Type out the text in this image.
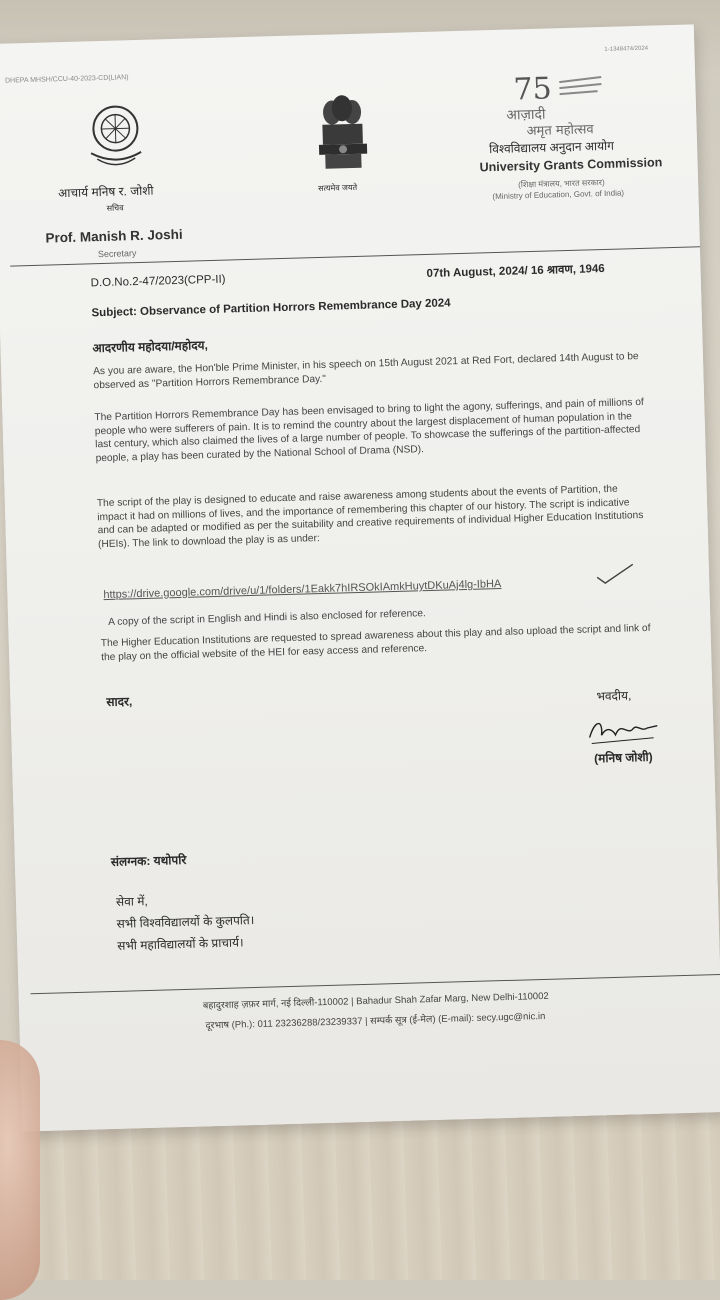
DHEPA MHSH/CCU-40-2023-CD(LIAN)
1-1348474/2024
75
आज़ादी
अमृत महोत्सव
आचार्य मनिष र. जोशी
सचिव
Prof. Manish R. Joshi
Secretary
सत्यमेव जयते
विश्वविद्यालय अनुदान आयोग
University Grants Commission
(शिक्षा मंत्रालय, भारत सरकार)
(Ministry of Education, Govt. of India)
D.O.No.2-47/2023(CPP-II)
07th August, 2024/ 16 श्रावण, 1946
Subject: Observance of Partition Horrors Remembrance Day 2024
आदरणीय महोदया/महोदय,
As you are aware, the Hon'ble Prime Minister, in his speech on 15th August 2021 at Red Fort, declared 14th August to be observed as "Partition Horrors Remembrance Day."
The Partition Horrors Remembrance Day has been envisaged to bring to light the agony, sufferings, and pain of millions of people who were sufferers of pain. It is to remind the country about the largest displacement of human population in the last century, which also claimed the lives of a large number of people. To showcase the sufferings of the partition-affected people, a play has been curated by the National School of Drama (NSD).
The script of the play is designed to educate and raise awareness among students about the events of Partition, the impact it had on millions of lives, and the importance of remembering this chapter of our history. The script is indicative and can be adapted or modified as per the suitability and creative requirements of individual Higher Education Institutions (HEIs). The link to download the play is as under:
https://drive.google.com/drive/u/1/folders/1Eakk7hIRSOkIAmkHuytDKuAj4lg-IbHA
A copy of the script in English and Hindi is also enclosed for reference.
The Higher Education Institutions are requested to spread awareness about this play and also upload the script and link of the play on the official website of the HEI for easy access and reference.
सादर,	भवदीय,
(मनिष जोशी)
संलग्नक: यथोपरि
सेवा में,
सभी विश्वविद्यालयों के कुलपति।
सभी महाविद्यालयों के प्राचार्य।
बहादुरशाह ज़फ़र मार्ग, नई दिल्ली-110002 | Bahadur Shah Zafar Marg, New Delhi-110002
दूरभाष (Ph.): 011 23236288/23239337 | सम्पर्क सूत्र (ई-मेल) (E-mail): secy.ugc@nic.in
